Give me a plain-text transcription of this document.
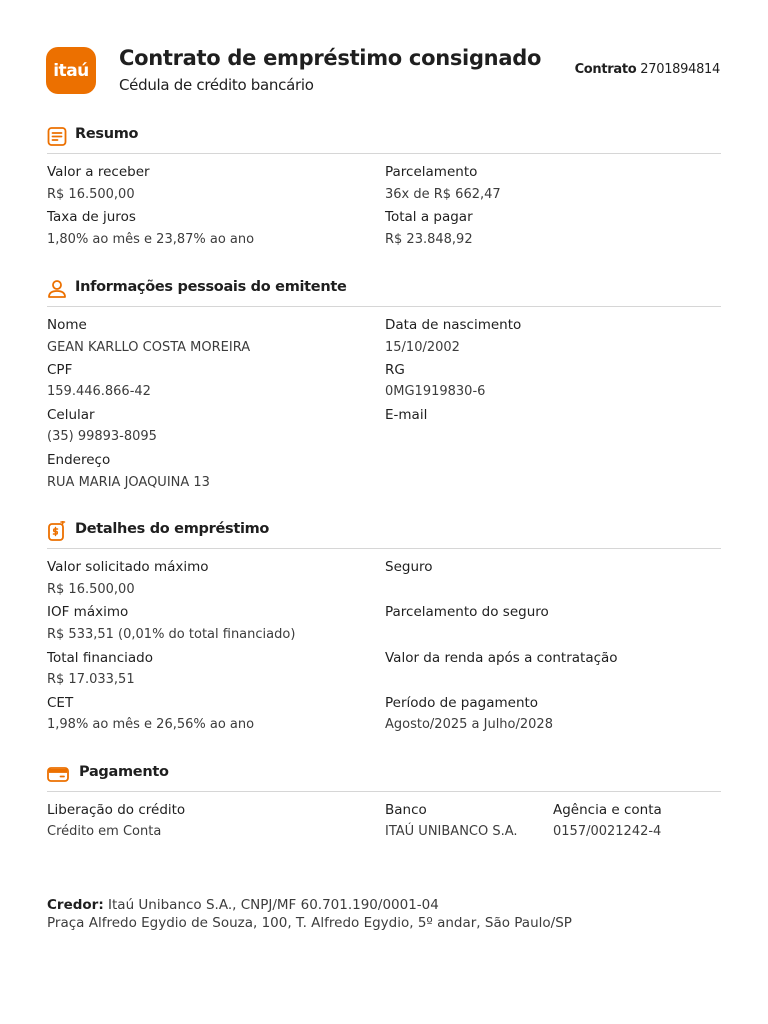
itaú
Contrato de empréstimo consignado
Cédula de crédito bancário
Contrato 2701894814
Resumo
Valor a receber
R$ 16.500,00
Parcelamento
36x de R$ 662,47
Taxa de juros
1,80% ao mês e 23,87% ao ano
Total a pagar
R$ 23.848,92
Informações pessoais do emitente
Nome
GEAN KARLLO COSTA MOREIRA
Data de nascimento
15/10/2002
CPF
159.446.866-42
RG
0MG1919830-6
Celular
(35) 99893-8095
E-mail
Endereço
RUA MARIA JOAQUINA 13
Detalhes do empréstimo
Valor solicitado máximo
R$ 16.500,00
Seguro
IOF máximo
R$ 533,51 (0,01% do total financiado)
Parcelamento do seguro
Total financiado
R$ 17.033,51
Valor da renda após a contratação
CET
1,98% ao mês e 26,56% ao ano
Período de pagamento
Agosto/2025 a Julho/2028
Pagamento
Liberação do crédito
Crédito em Conta
Banco
ITAÚ UNIBANCO S.A.
Agência e conta
0157/0021242-4
Credor: Itaú Unibanco S.A., CNPJ/MF 60.701.190/0001-04
Praça Alfredo Egydio de Souza, 100, T. Alfredo Egydio, 5º andar, São Paulo/SP
